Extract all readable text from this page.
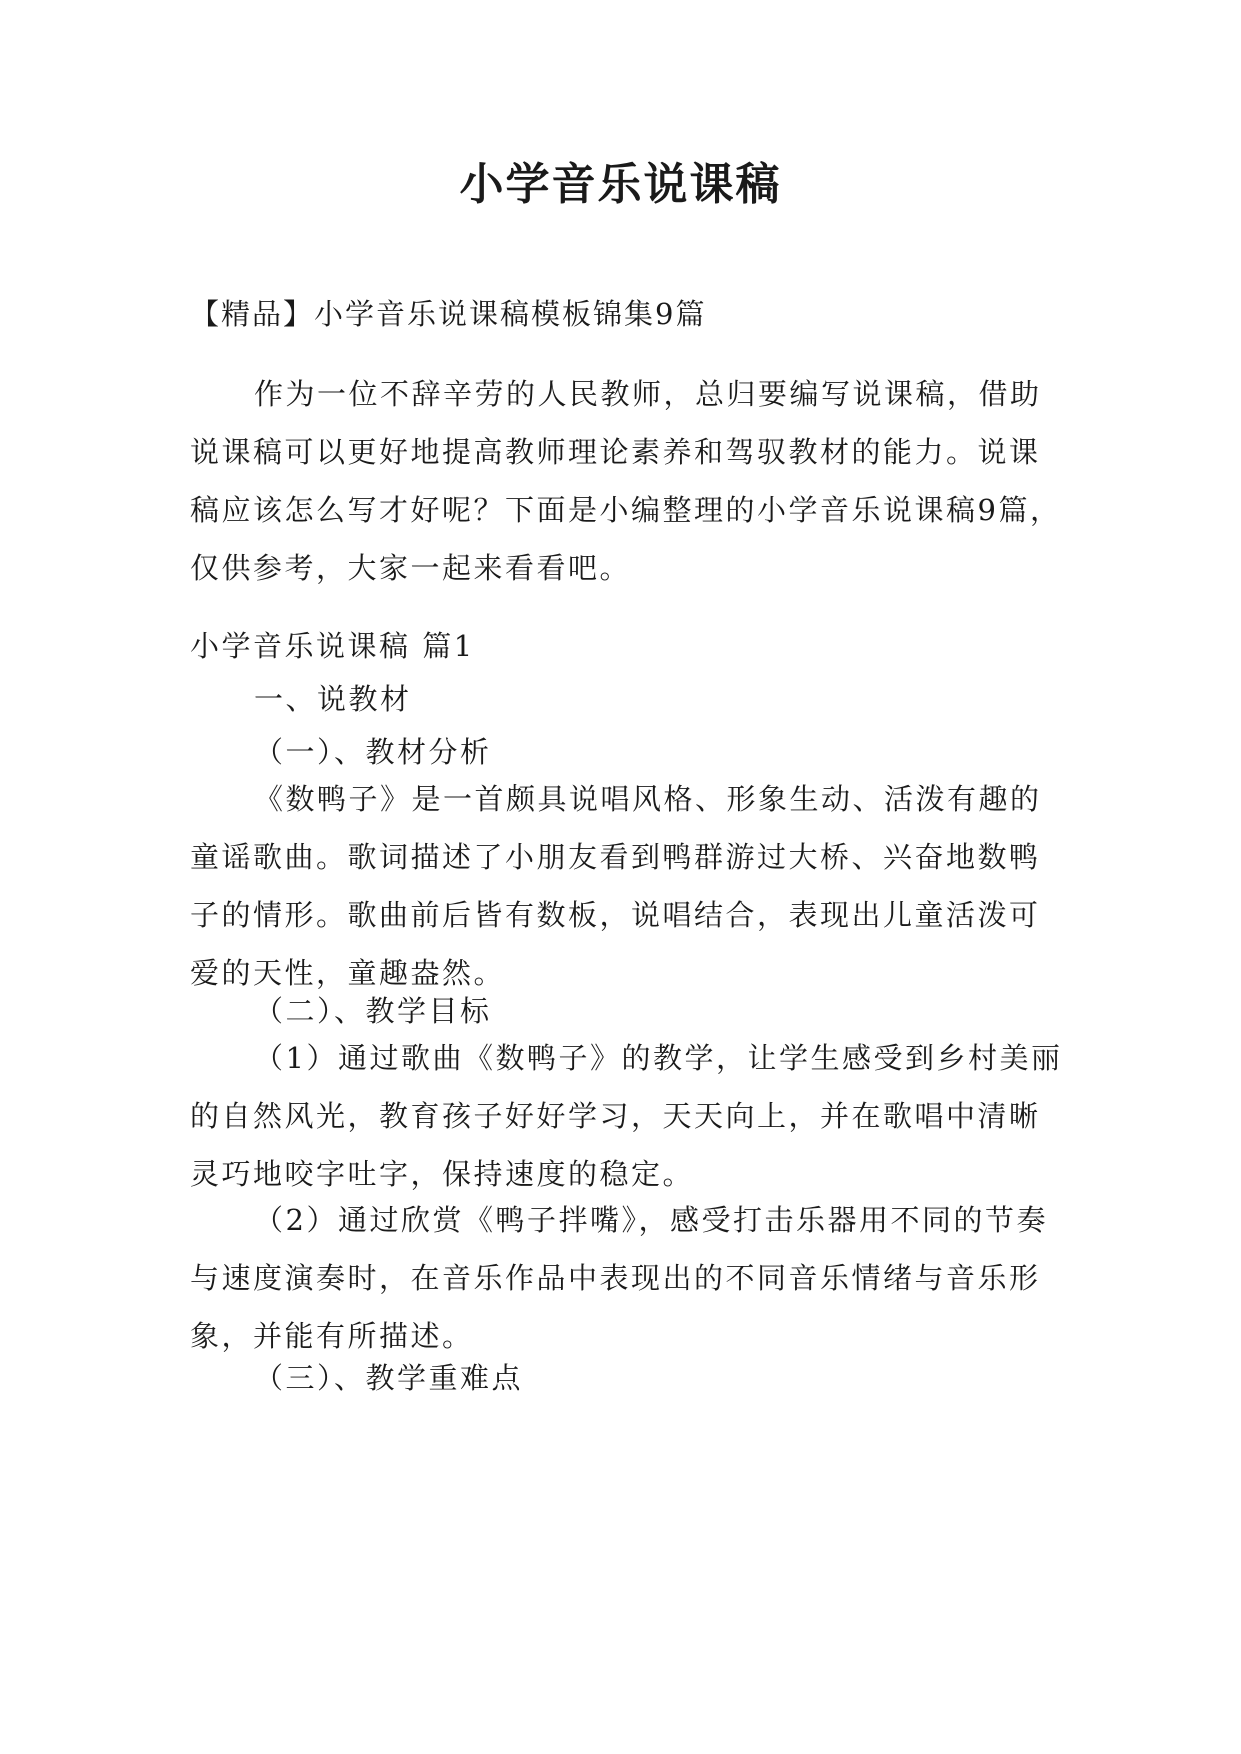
小学音乐说课稿
【精品】小学音乐说课稿模板锦集9篇

作为一位不辞辛劳的人民教师，总归要编写说课稿，借助说课稿可以更好地提高教师理论素养和驾驭教材的能力。说课稿应该怎么写才好呢？下面是小编整理的小学音乐说课稿9篇，仅供参考，大家一起来看看吧。

小学音乐说课稿 篇1
一、说教材
（一）、教材分析

《数鸭子》是一首颇具说唱风格、形象生动、活泼有趣的童谣歌曲。歌词描述了小朋友看到鸭群游过大桥、兴奋地数鸭子的情形。歌曲前后皆有数板，说唱结合，表现出儿童活泼可爱的天性，童趣盎然。

（二）、教学目标

（1）通过歌曲《数鸭子》的教学，让学生感受到乡村美丽的自然风光，教育孩子好好学习，天天向上，并在歌唱中清晰灵巧地咬字吐字，保持速度的稳定。

（2）通过欣赏《鸭子拌嘴》，感受打击乐器用不同的节奏与速度演奏时，在音乐作品中表现出的不同音乐情绪与音乐形象，并能有所描述。

（三）、教学重难点
